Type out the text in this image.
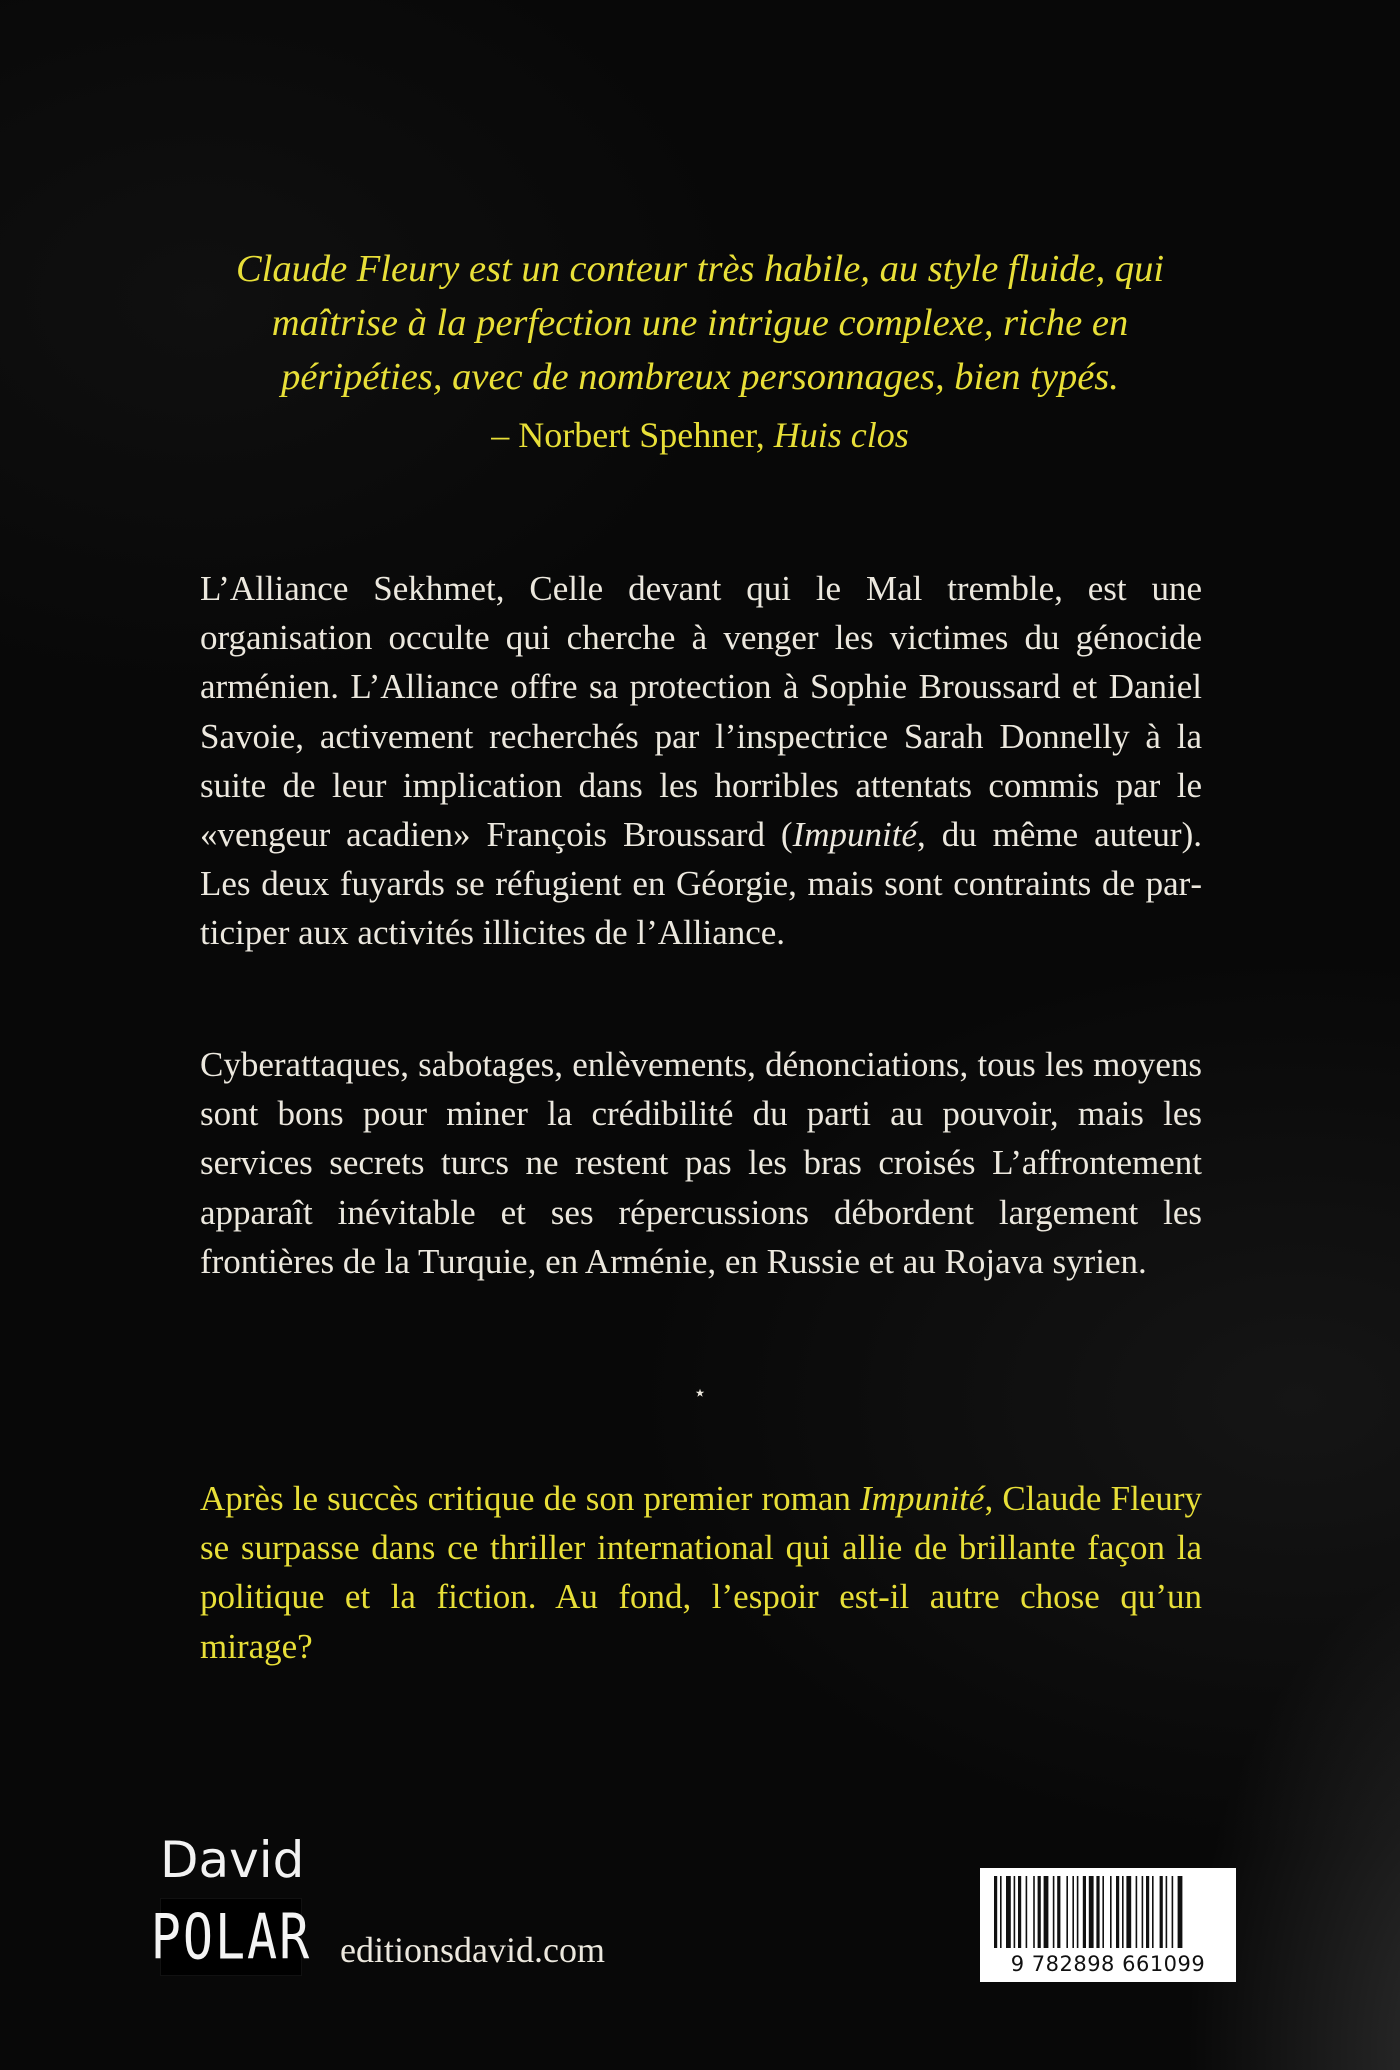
Claude Fleury est un conteur très habile, au style fluide, qui maîtrise à la perfection une intrigue complexe, riche en péripéties, avec de nombreux personnages, bien typés.

– Norbert Spehner, Huis clos

L’Alliance Sekhmet, Celle devant qui le Mal tremble, est une organisation occulte qui cherche à venger les victimes du génocide arménien. L’Alliance offre sa protection à Sophie Broussard et Daniel Savoie, activement recherchés par l’inspectrice Sarah Donnelly à la suite de leur implication dans les horribles attentats commis par le «vengeur acadien» François Broussard (Impunité, du même auteur). Les deux fuyards se réfugient en Géorgie, mais sont contraints de participer aux activités illicites de l’Alliance.

Cyberattaques, sabotages, enlèvements, dénonciations, tous les moyens sont bons pour miner la crédibilité du parti au pouvoir, mais les services secrets turcs ne restent pas les bras croisés L’affrontement apparaît inévitable et ses répercussions débordent largement les frontières de la Turquie, en Arménie, en Russie et au Rojava syrien.

⋆

Après le succès critique de son premier roman Impunité, Claude Fleury se surpasse dans ce thriller international qui allie de brillante façon la politique et la fiction. Au fond, l’espoir est-il autre chose qu’un mirage?

David

POLAR editionsdavid.com	9 782898 661099
